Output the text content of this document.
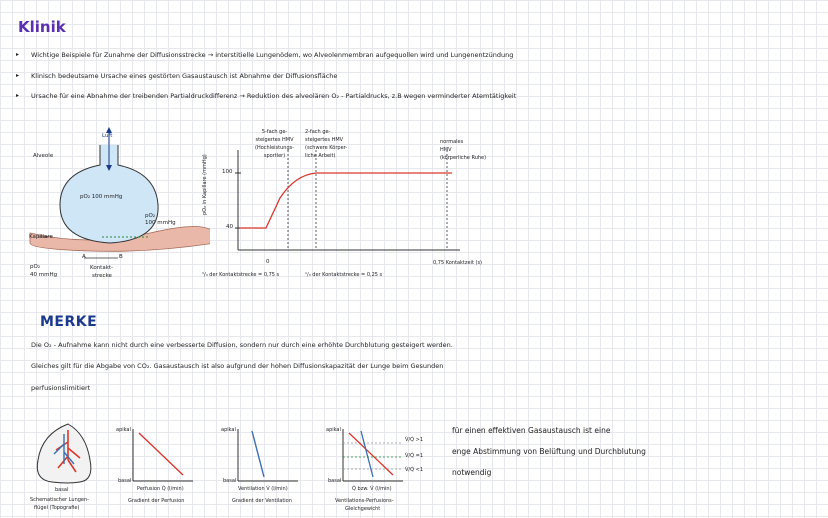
Klinik
▸ Wichtige Beispiele für Zunahme der Diffusionsstrecke → interstitielle Lungenödem, wo Alveolenmembran aufgequollen wird und Lungenentzündung
▸ Klinisch bedeutsame Ursache eines gestörten Gasaustausch ist Abnahme der Diffusionsfläche
▸ Ursache für eine Abnahme der treibenden Partialdruckdifferenz → Reduktion des alveolären O₂ - Partialdrucks, z.B wegen verminderter Atemtätigkeit
Alveole
Luft
pO₂ 100 mmHg
pO₂
100 mmHg
Kapillare
A	B
pO₂
40 mmHg
Kontakt-
strecke
pO₂ in Kapillare (mmHg)	100
40
0
5-fach ge-
steigertes HMV
(Hochleistungs-
sportler)
2-fach ge-
steigertes HMV
(schwere Körper-
liche Arbeit)
normales
HMV
(körperliche Ruhe)
¹/₃ der Kontaktstrecke = 0,75 s	¹/₃ der Kontaktstrecke = 0,25 s
0,75 Kontaktzeit (s)
MERKE
Die O₂ - Aufnahme kann nicht durch eine verbesserte Diffusion, sondern nur durch eine erhöhte Durchblutung gesteigert werden.
Gleiches gilt für die Abgabe von CO₂. Gasaustausch ist also aufgrund der hohen Diffusionskapazität der Lunge beim Gesunden
perfusionslimitiert
basal
Schematischer Lungen-
flügel (Topografie)
apikal
basal
Perfusion Q̇ (l/min)
Gradient der Perfusion
apikal
basal
Ventilation V̇ (l/min)
Gradient der Ventilation
apikal
basal
Q̇ bzw. V̇ (l/min)
Ventilations-Perfusions-
Gleichgewicht
V̇/Q̇ >1
V̇/Q̇ =1
V̇/Q̇ <1
für einen effektiven Gasaustausch ist eine
enge Abstimmung von Belüftung und Durchblutung
notwendig
